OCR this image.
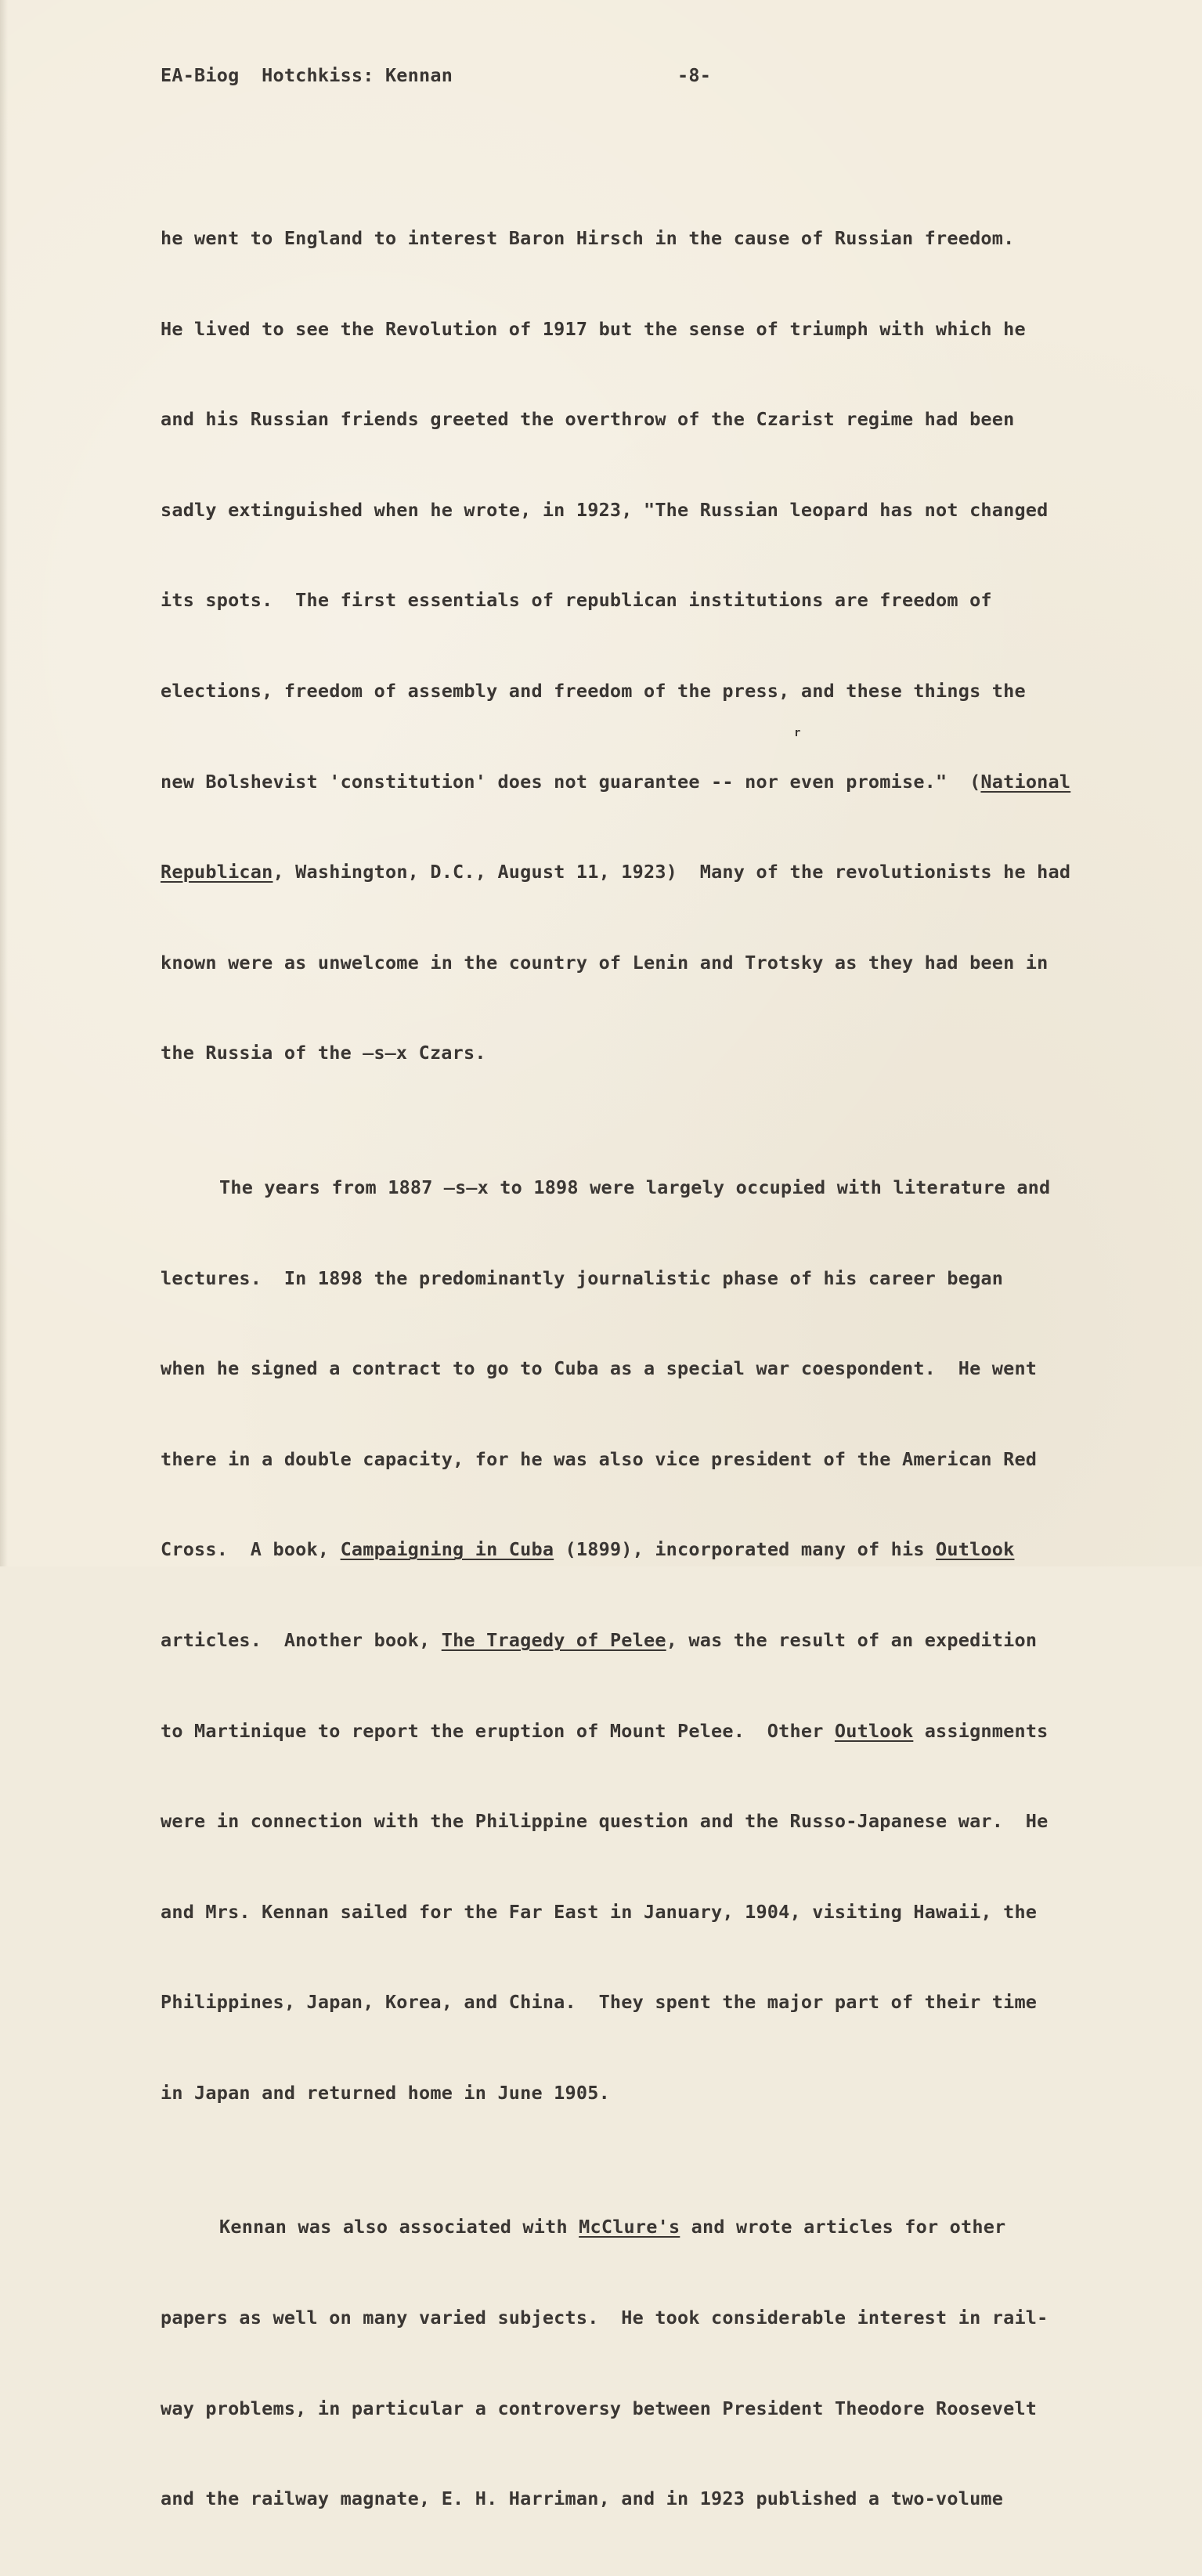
EA-Biog  Hotchkiss: Kennan	-8-
r

he went to England to interest Baron Hirsch in the cause of Russian freedom.

He lived to see the Revolution of 1917 but the sense of triumph with which he

and his Russian friends greeted the overthrow of the Czarist regime had been

sadly extinguished when he wrote, in 1923, "The Russian leopard has not changed

its spots.  The first essentials of republican institutions are freedom of

elections, freedom of assembly and freedom of the press, and these things the

new Bolshevist 'constitution' does not guarantee -- nor even promise."  (National

Republican, Washington, D.C., August 11, 1923)  Many of the revolutionists he had

known were as unwelcome in the country of Lenin and Trotsky as they had been in

the Russia of the ̶s̶x Czars.

The years from 1887 ̶s̶x to 1898 were largely occupied with literature and

lectures.  In 1898 the predominantly journalistic phase of his career began

when he signed a contract to go to Cuba as a special war coespondent.  He went

there in a double capacity, for he was also vice president of the American Red

Cross.  A book, Campaigning in Cuba (1899), incorporated many of his Outlook

articles.  Another book, The Tragedy of Pelee, was the result of an expedition

to Martinique to report the eruption of Mount Pelee.  Other Outlook assignments

were in connection with the Philippine question and the Russo-Japanese war.  He

and Mrs. Kennan sailed for the Far East in January, 1904, visiting Hawaii, the

Philippines, Japan, Korea, and China.  They spent the major part of their time

in Japan and returned home in June 1905.

Kennan was also associated with McClure's and wrote articles for other

papers as well on many varied subjects.  He took considerable interest in rail-

way problems, in particular a controversy between President Theodore Roosevelt

and the railway magnate, E. H. Harriman, and in 1923 published a two-volume
